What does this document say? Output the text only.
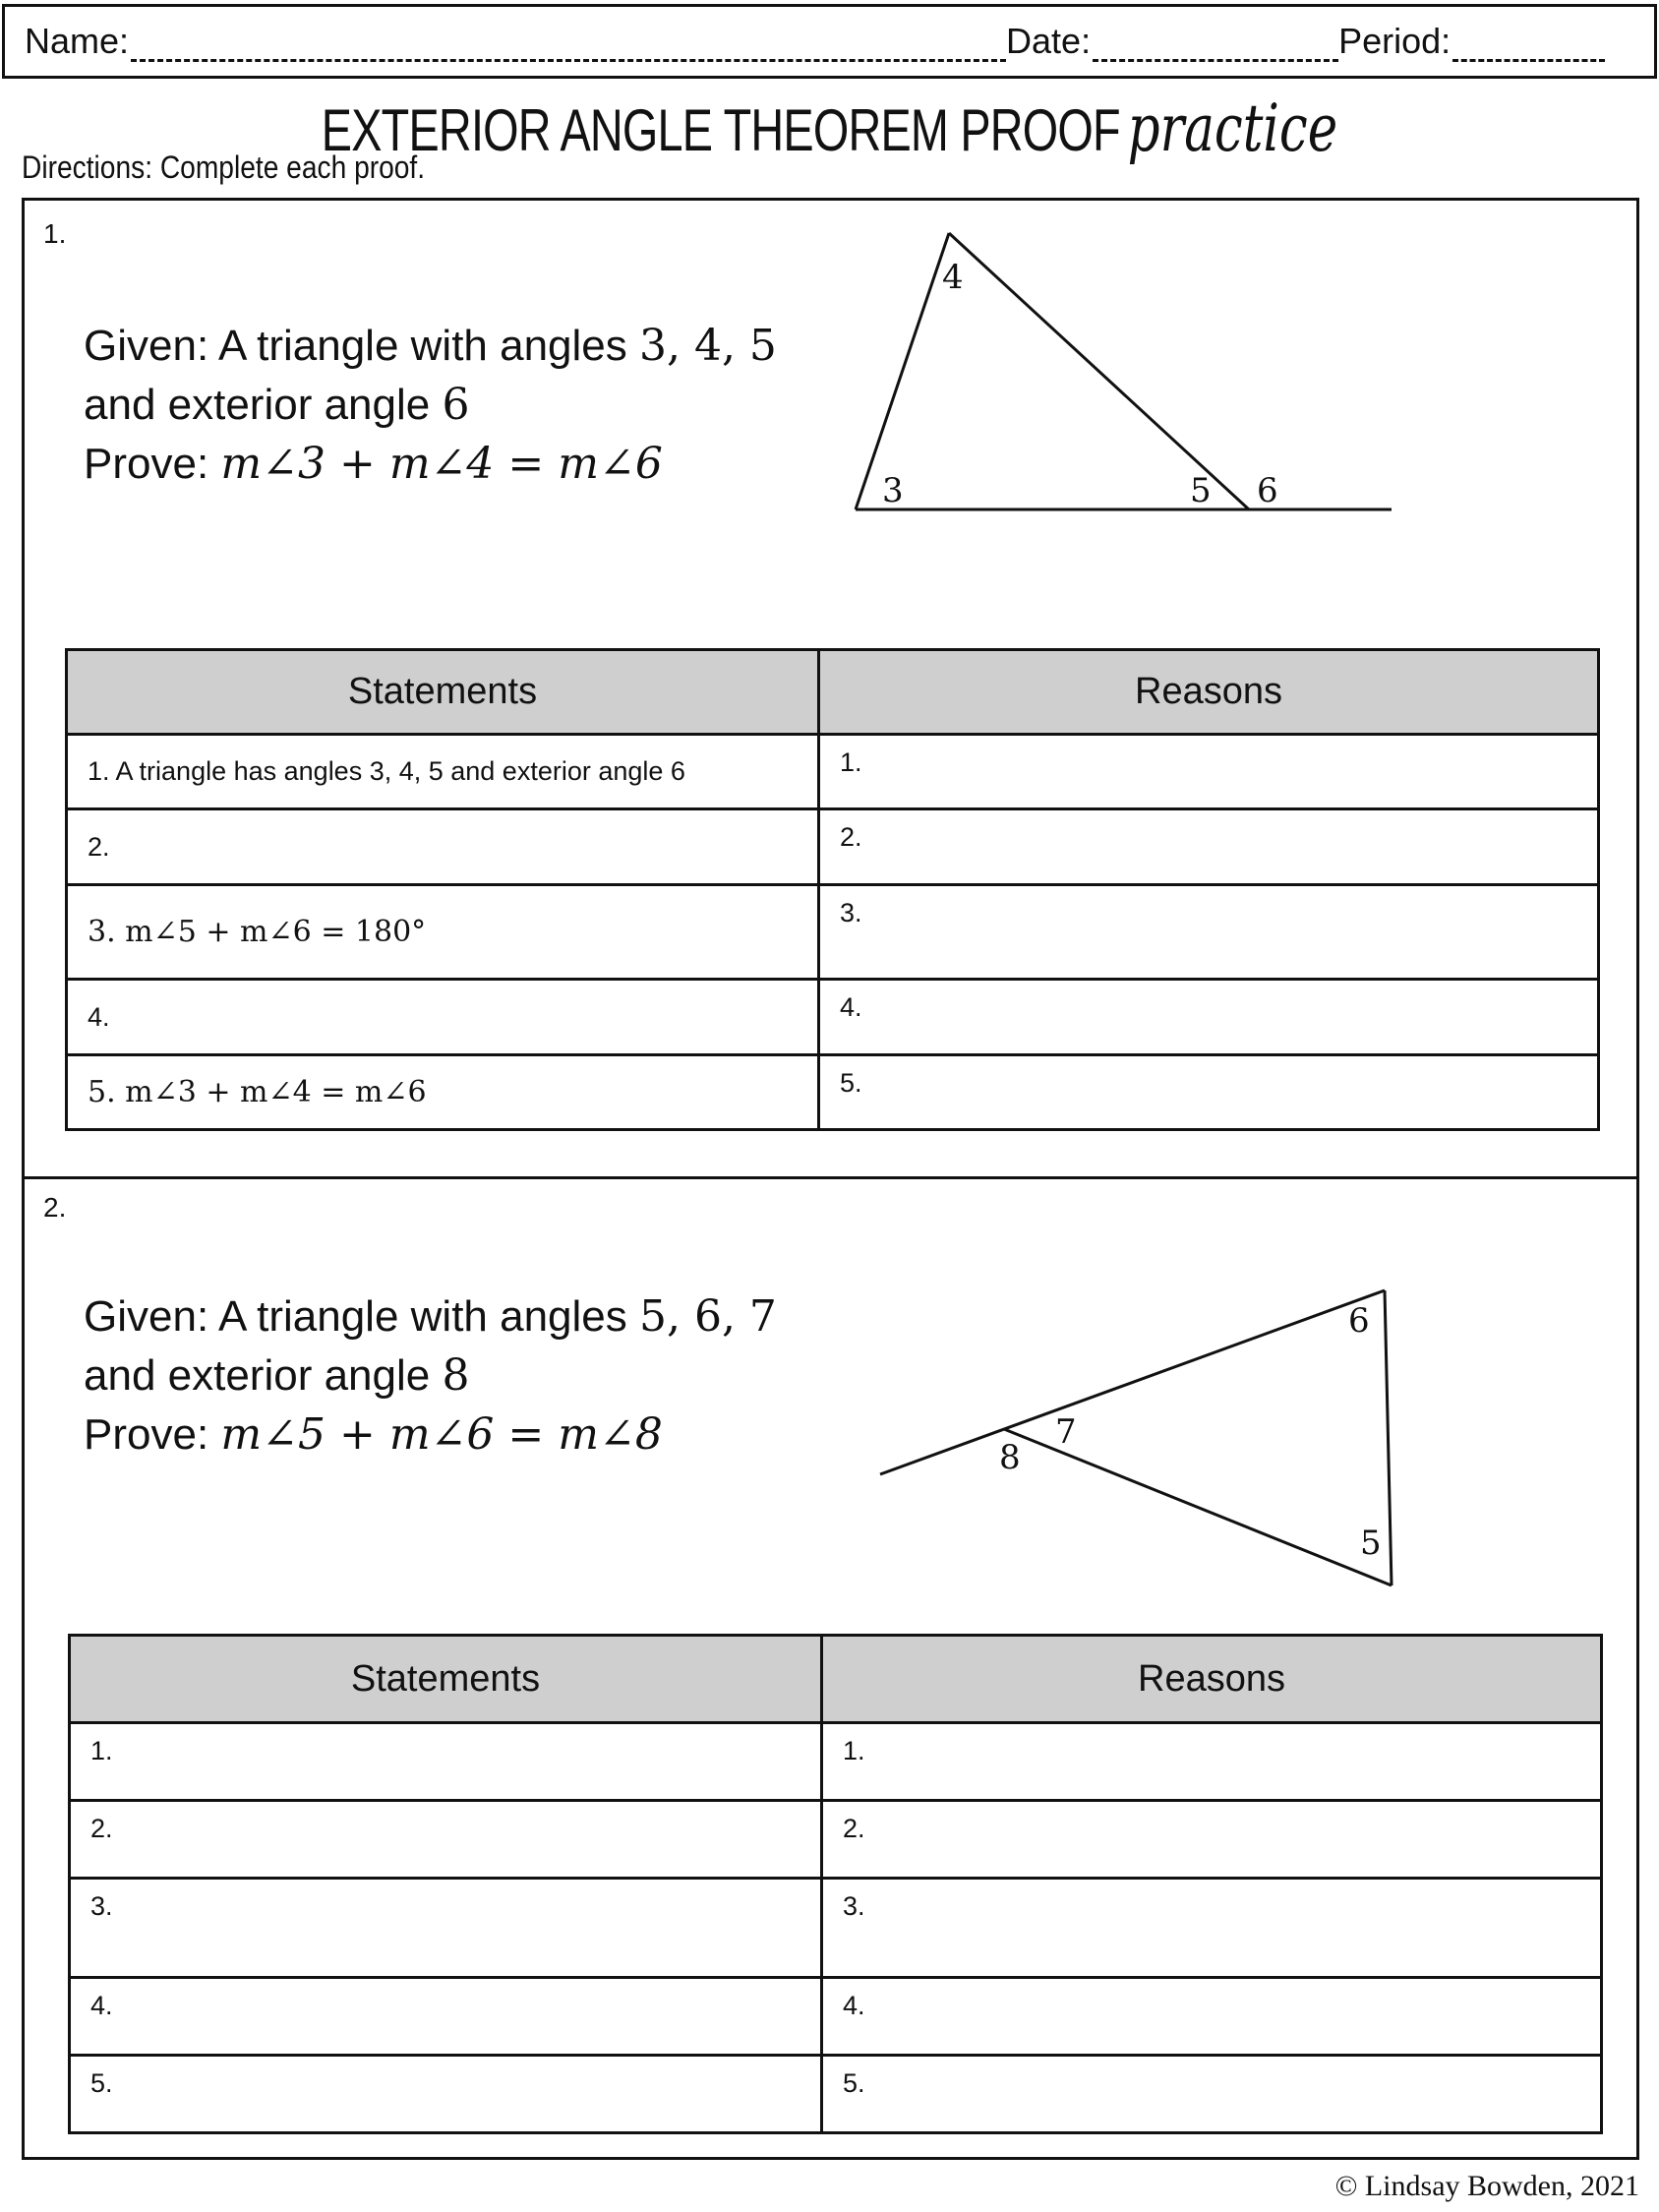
Name:	Date:	Period:
EXTERIOR ANGLE THEOREM PROOF practice
Directions: Complete each proof.
1.
Given: A triangle with angles 3, 4, 5
and exterior angle 6
Prove: m∠3 + m∠4 = m∠6
4
3	5 6
Statements	Reasons
1. A triangle has angles 3, 4, 5 and exterior angle 6	1.
2.	2.
3. m∠5 + m∠6 = 180°	3.
4.	4.
5. m∠3 + m∠4 = m∠6	5.
2.
Given: A triangle with angles 5, 6, 7
and exterior angle 8
Prove: m∠5 + m∠6 = m∠8
6
7
8
5
Statements	Reasons
1.	1.
2.	2.
3.	3.
4.	4.
5.	5.
© Lindsay Bowden, 2021
